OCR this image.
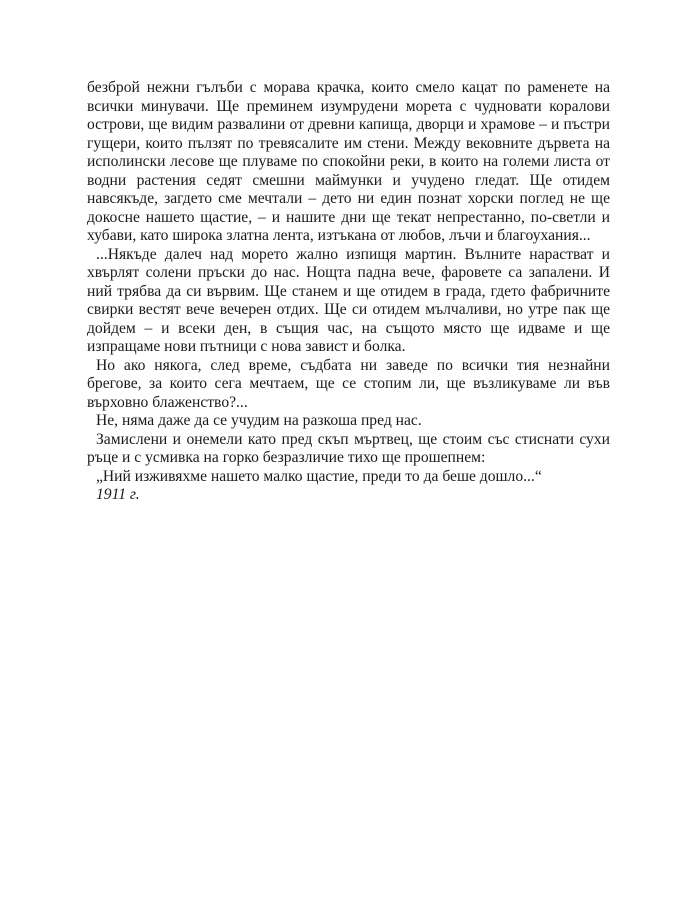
безброй нежни гълъби с морава крачка, които смело кацат по раменете на всички минувачи. Ще преминем изумрудени морета с чудновати коралови острови, ще видим развалини от древни капища, дворци и храмове – и пъстри гущери, които пълзят по тревясалите им стени. Между вековните дървета на исполински лесове ще плуваме по спокойни реки, в които на големи листа от водни растения седят смешни маймунки и учудено гледат. Ще отидем навсякъде, загдето сме мечтали – дето ни един познат хорски поглед не ще докосне нашето щастие, – и нашите дни ще текат непрестанно, по-светли и хубави, като широка златна лента, изтъкана от любов, лъчи и благоухания...

...Някъде далеч над морето жално изпищя мартин. Вълните нарастват и хвърлят солени пръски до нас. Нощта падна вече, фаровете са запалени. И ний трябва да си вървим. Ще станем и ще отидем в града, гдето фабричните свирки вестят вече вечерен отдих. Ще си отидем мълчаливи, но утре пак ще дойдем – и всеки ден, в същия час, на същото място ще идваме и ще изпращаме нови пътници с нова завист и болка.

Но ако някога, след време, съдбата ни заведе по всички тия незнайни брегове, за които сега мечтаем, ще се стопим ли, ще възликуваме ли във върховно блаженство?...

Не, няма даже да се учудим на разкоша пред нас.

Замислени и онемели като пред скъп мъртвец, ще стоим със стиснати сухи ръце и с усмивка на горко безразличие тихо ще прошепнем:

„Ний изживяхме нашето малко щастие, преди то да беше дошло...“

1911 г.
